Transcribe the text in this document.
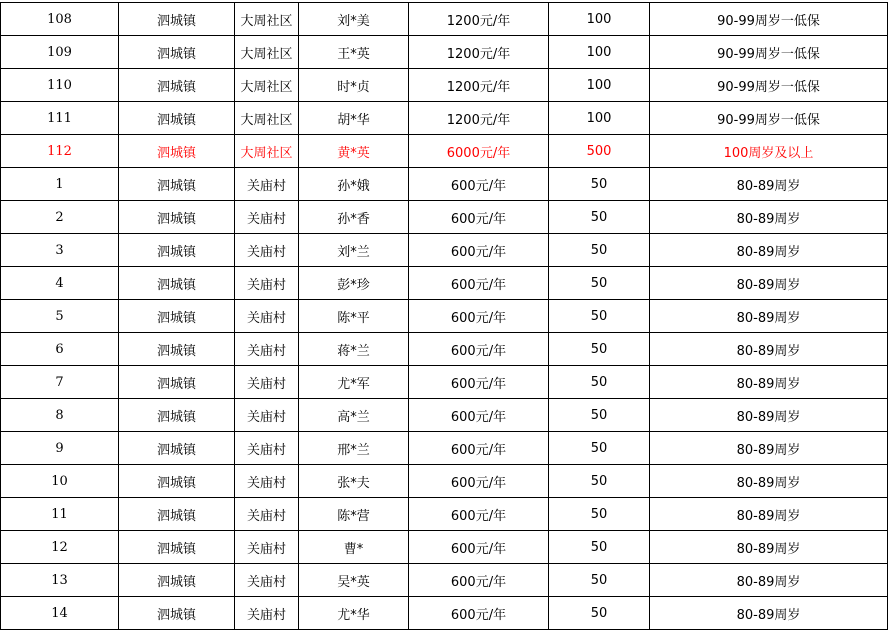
108	泗城镇	大周社区	刘*美	1200元/年	100	90-99周岁一低保
109	泗城镇	大周社区	王*英	1200元/年	100	90-99周岁一低保
110	泗城镇	大周社区	时*贞	1200元/年	100	90-99周岁一低保
111	泗城镇	大周社区	胡*华	1200元/年	100	90-99周岁一低保
112	泗城镇	大周社区	黄*英	6000元/年	500	100周岁及以上
1	泗城镇	关庙村	孙*娥	600元/年	50	80-89周岁
2	泗城镇	关庙村	孙*香	600元/年	50	80-89周岁
3	泗城镇	关庙村	刘*兰	600元/年	50	80-89周岁
4	泗城镇	关庙村	彭*珍	600元/年	50	80-89周岁
5	泗城镇	关庙村	陈*平	600元/年	50	80-89周岁
6	泗城镇	关庙村	蒋*兰	600元/年	50	80-89周岁
7	泗城镇	关庙村	尤*军	600元/年	50	80-89周岁
8	泗城镇	关庙村	高*兰	600元/年	50	80-89周岁
9	泗城镇	关庙村	邢*兰	600元/年	50	80-89周岁
10	泗城镇	关庙村	张*夫	600元/年	50	80-89周岁
11	泗城镇	关庙村	陈*营	600元/年	50	80-89周岁
12	泗城镇	关庙村	曹*	600元/年	50	80-89周岁
13	泗城镇	关庙村	吴*英	600元/年	50	80-89周岁
14	泗城镇	关庙村	尤*华	600元/年	50	80-89周岁
